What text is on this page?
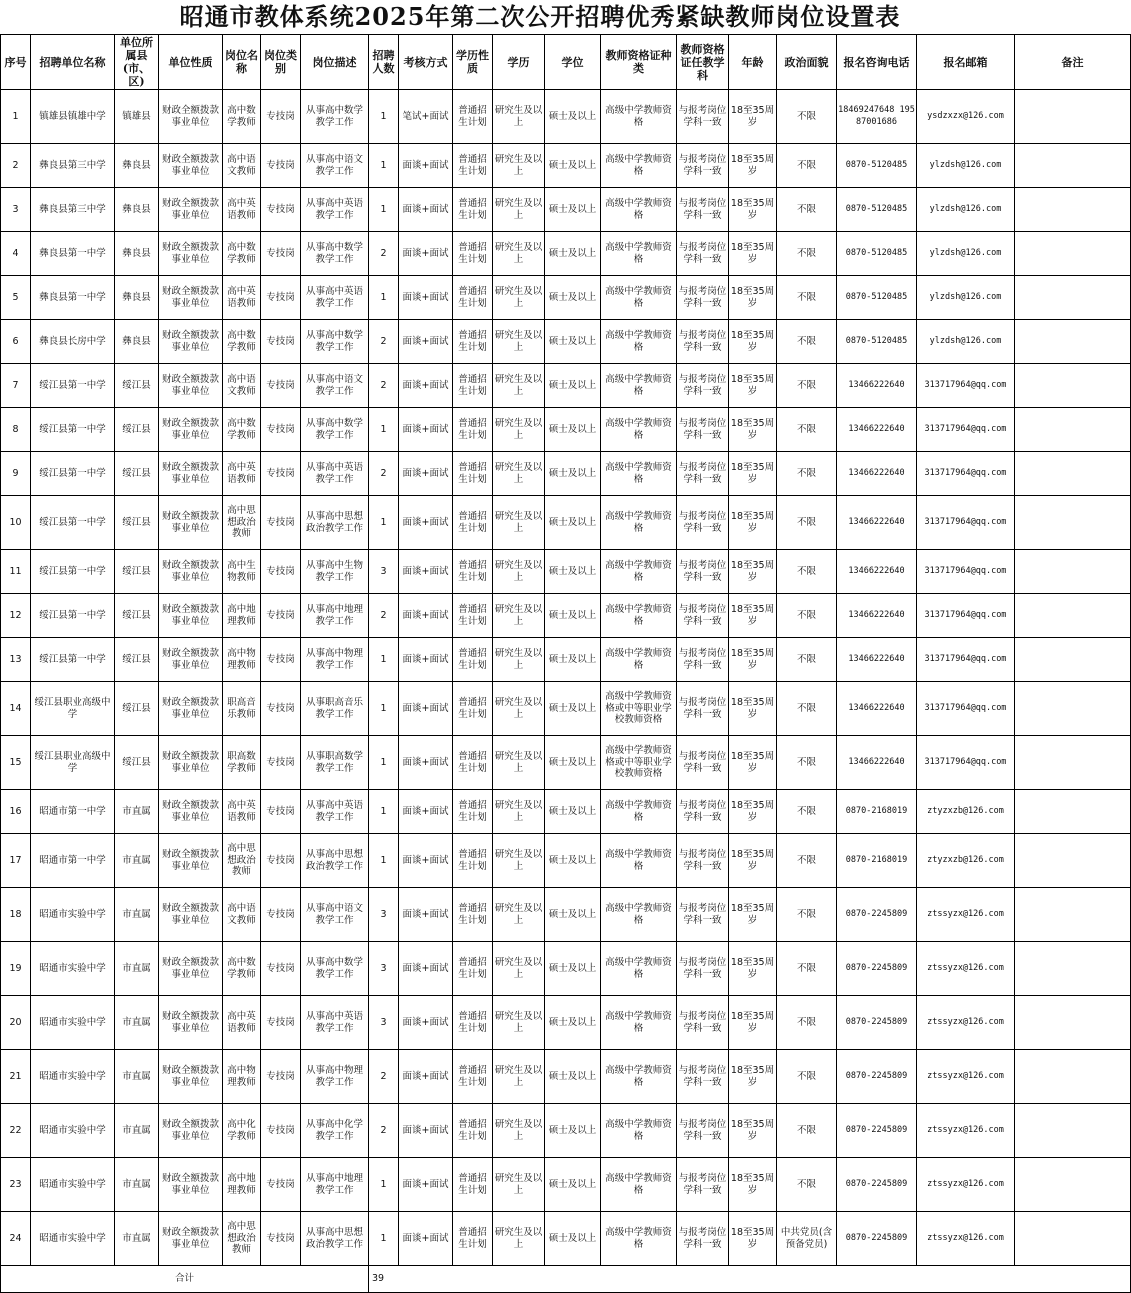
昭通市教体系统2025年第二次公开招聘优秀紧缺教师岗位设置表
序号	招聘单位名称	单位所属县(市、区)	单位性质	岗位名称	岗位类别	岗位描述	招聘人数	考核方式	学历性质	学历	学位	教师资格证种类	教师资格证任教学科	年龄	政治面貌	报名咨询电话	报名邮箱	备注
1	镇雄县镇雄中学	镇雄县	财政全额拨款事业单位	高中数学教师	专技岗	从事高中数学教学工作	1	笔试+面试	普通招生计划	研究生及以上	硕士及以上	高级中学教师资格	与报考岗位学科一致	18至35周岁	不限	18469247648 19587001686	ysdzxzx@126.com	
2	彝良县第三中学	彝良县	财政全额拨款事业单位	高中语文教师	专技岗	从事高中语文教学工作	1	面谈+面试	普通招生计划	研究生及以上	硕士及以上	高级中学教师资格	与报考岗位学科一致	18至35周岁	不限	0870-5120485	ylzdsh@126.com	
3	彝良县第三中学	彝良县	财政全额拨款事业单位	高中英语教师	专技岗	从事高中英语教学工作	1	面谈+面试	普通招生计划	研究生及以上	硕士及以上	高级中学教师资格	与报考岗位学科一致	18至35周岁	不限	0870-5120485	ylzdsh@126.com	
4	彝良县第一中学	彝良县	财政全额拨款事业单位	高中数学教师	专技岗	从事高中数学教学工作	2	面谈+面试	普通招生计划	研究生及以上	硕士及以上	高级中学教师资格	与报考岗位学科一致	18至35周岁	不限	0870-5120485	ylzdsh@126.com	
5	彝良县第一中学	彝良县	财政全额拨款事业单位	高中英语教师	专技岗	从事高中英语教学工作	1	面谈+面试	普通招生计划	研究生及以上	硕士及以上	高级中学教师资格	与报考岗位学科一致	18至35周岁	不限	0870-5120485	ylzdsh@126.com	
6	彝良县长房中学	彝良县	财政全额拨款事业单位	高中数学教师	专技岗	从事高中数学教学工作	2	面谈+面试	普通招生计划	研究生及以上	硕士及以上	高级中学教师资格	与报考岗位学科一致	18至35周岁	不限	0870-5120485	ylzdsh@126.com	
7	绥江县第一中学	绥江县	财政全额拨款事业单位	高中语文教师	专技岗	从事高中语文教学工作	2	面谈+面试	普通招生计划	研究生及以上	硕士及以上	高级中学教师资格	与报考岗位学科一致	18至35周岁	不限	13466222640	313717964@qq.com	
8	绥江县第一中学	绥江县	财政全额拨款事业单位	高中数学教师	专技岗	从事高中数学教学工作	1	面谈+面试	普通招生计划	研究生及以上	硕士及以上	高级中学教师资格	与报考岗位学科一致	18至35周岁	不限	13466222640	313717964@qq.com	
9	绥江县第一中学	绥江县	财政全额拨款事业单位	高中英语教师	专技岗	从事高中英语教学工作	2	面谈+面试	普通招生计划	研究生及以上	硕士及以上	高级中学教师资格	与报考岗位学科一致	18至35周岁	不限	13466222640	313717964@qq.com	
10	绥江县第一中学	绥江县	财政全额拨款事业单位	高中思想政治教师	专技岗	从事高中思想政治教学工作	1	面谈+面试	普通招生计划	研究生及以上	硕士及以上	高级中学教师资格	与报考岗位学科一致	18至35周岁	不限	13466222640	313717964@qq.com	
11	绥江县第一中学	绥江县	财政全额拨款事业单位	高中生物教师	专技岗	从事高中生物教学工作	3	面谈+面试	普通招生计划	研究生及以上	硕士及以上	高级中学教师资格	与报考岗位学科一致	18至35周岁	不限	13466222640	313717964@qq.com	
12	绥江县第一中学	绥江县	财政全额拨款事业单位	高中地理教师	专技岗	从事高中地理教学工作	2	面谈+面试	普通招生计划	研究生及以上	硕士及以上	高级中学教师资格	与报考岗位学科一致	18至35周岁	不限	13466222640	313717964@qq.com	
13	绥江县第一中学	绥江县	财政全额拨款事业单位	高中物理教师	专技岗	从事高中物理教学工作	1	面谈+面试	普通招生计划	研究生及以上	硕士及以上	高级中学教师资格	与报考岗位学科一致	18至35周岁	不限	13466222640	313717964@qq.com	
14	绥江县职业高级中学	绥江县	财政全额拨款事业单位	职高音乐教师	专技岗	从事职高音乐教学工作	1	面谈+面试	普通招生计划	研究生及以上	硕士及以上	高级中学教师资格或中等职业学校教师资格	与报考岗位学科一致	18至35周岁	不限	13466222640	313717964@qq.com	
15	绥江县职业高级中学	绥江县	财政全额拨款事业单位	职高数学教师	专技岗	从事职高数学教学工作	1	面谈+面试	普通招生计划	研究生及以上	硕士及以上	高级中学教师资格或中等职业学校教师资格	与报考岗位学科一致	18至35周岁	不限	13466222640	313717964@qq.com	
16	昭通市第一中学	市直属	财政全额拨款事业单位	高中英语教师	专技岗	从事高中英语教学工作	1	面谈+面试	普通招生计划	研究生及以上	硕士及以上	高级中学教师资格	与报考岗位学科一致	18至35周岁	不限	0870-2168019	ztyzxzb@126.com	
17	昭通市第一中学	市直属	财政全额拨款事业单位	高中思想政治教师	专技岗	从事高中思想政治教学工作	1	面谈+面试	普通招生计划	研究生及以上	硕士及以上	高级中学教师资格	与报考岗位学科一致	18至35周岁	不限	0870-2168019	ztyzxzb@126.com	
18	昭通市实验中学	市直属	财政全额拨款事业单位	高中语文教师	专技岗	从事高中语文教学工作	3	面谈+面试	普通招生计划	研究生及以上	硕士及以上	高级中学教师资格	与报考岗位学科一致	18至35周岁	不限	0870-2245809	ztssyzx@126.com	
19	昭通市实验中学	市直属	财政全额拨款事业单位	高中数学教师	专技岗	从事高中数学教学工作	3	面谈+面试	普通招生计划	研究生及以上	硕士及以上	高级中学教师资格	与报考岗位学科一致	18至35周岁	不限	0870-2245809	ztssyzx@126.com	
20	昭通市实验中学	市直属	财政全额拨款事业单位	高中英语教师	专技岗	从事高中英语教学工作	3	面谈+面试	普通招生计划	研究生及以上	硕士及以上	高级中学教师资格	与报考岗位学科一致	18至35周岁	不限	0870-2245809	ztssyzx@126.com	
21	昭通市实验中学	市直属	财政全额拨款事业单位	高中物理教师	专技岗	从事高中物理教学工作	2	面谈+面试	普通招生计划	研究生及以上	硕士及以上	高级中学教师资格	与报考岗位学科一致	18至35周岁	不限	0870-2245809	ztssyzx@126.com	
22	昭通市实验中学	市直属	财政全额拨款事业单位	高中化学教师	专技岗	从事高中化学教学工作	2	面谈+面试	普通招生计划	研究生及以上	硕士及以上	高级中学教师资格	与报考岗位学科一致	18至35周岁	不限	0870-2245809	ztssyzx@126.com	
23	昭通市实验中学	市直属	财政全额拨款事业单位	高中地理教师	专技岗	从事高中地理教学工作	1	面谈+面试	普通招生计划	研究生及以上	硕士及以上	高级中学教师资格	与报考岗位学科一致	18至35周岁	不限	0870-2245809	ztssyzx@126.com	
24	昭通市实验中学	市直属	财政全额拨款事业单位	高中思想政治教师	专技岗	从事高中思想政治教学工作	1	面谈+面试	普通招生计划	研究生及以上	硕士及以上	高级中学教师资格	与报考岗位学科一致	18至35周岁	中共党员(含预备党员)	0870-2245809	ztssyzx@126.com	
合计							39											
